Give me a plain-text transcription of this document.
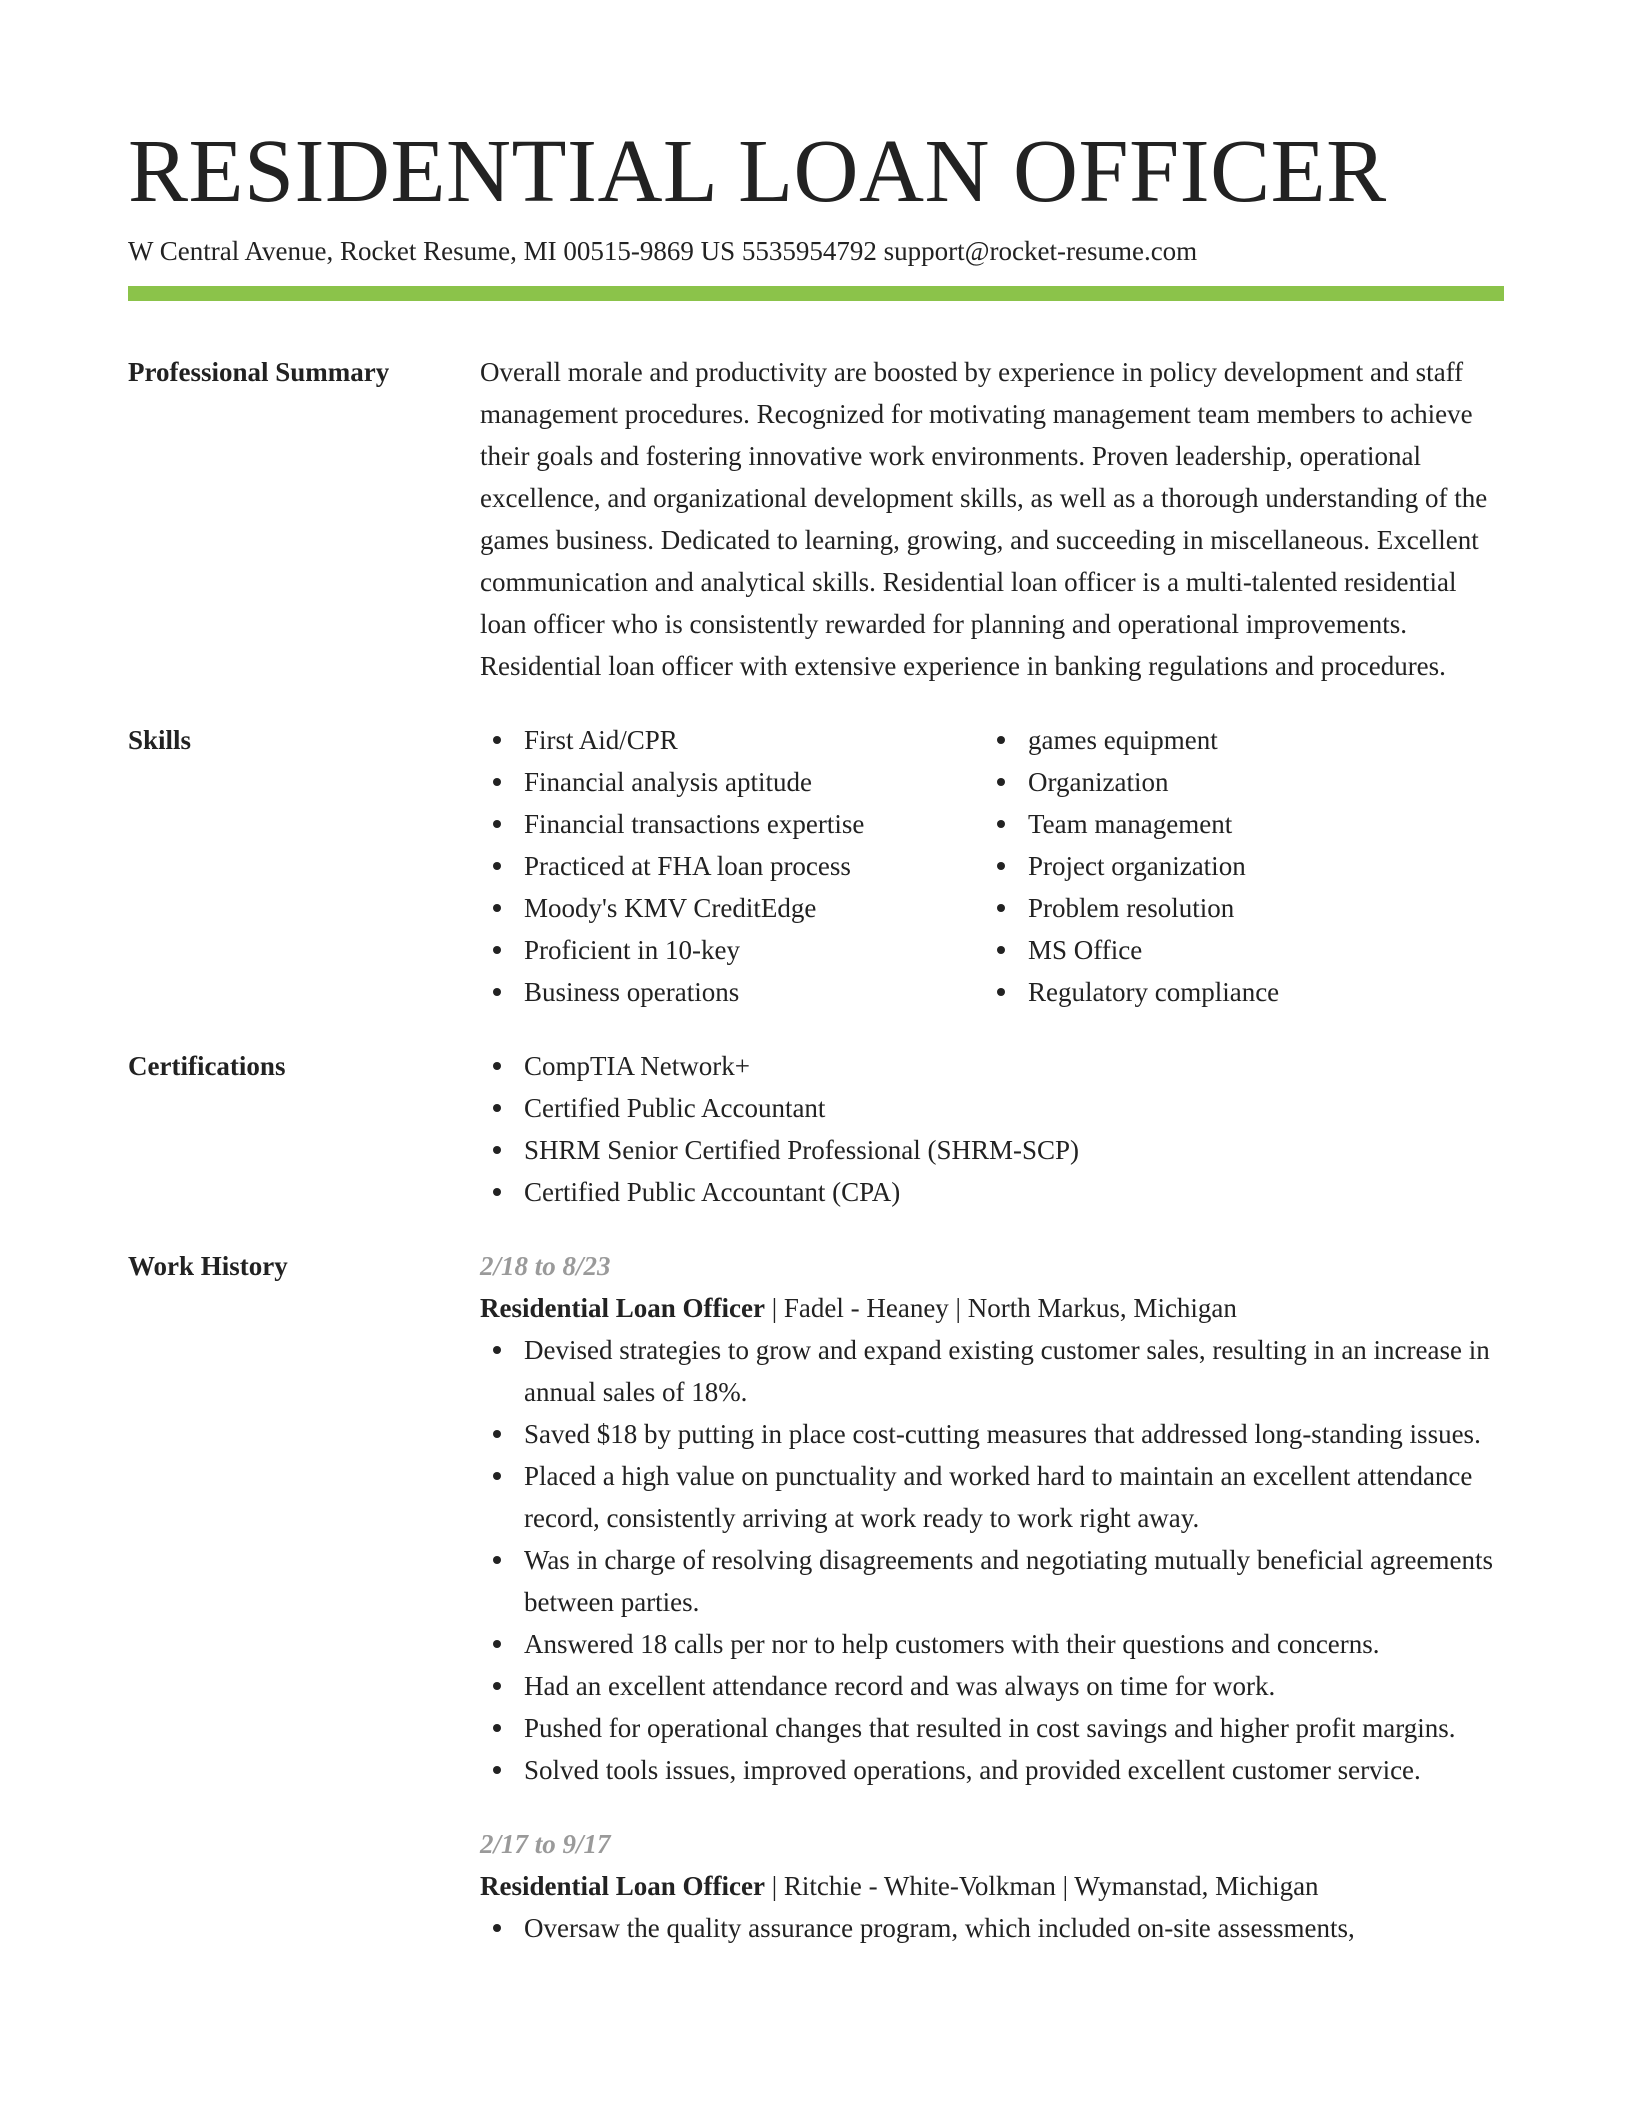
RESIDENTIAL LOAN OFFICER
W Central Avenue, Rocket Resume, MI 00515-9869 US 5535954792 support@rocket-resume.com
Professional Summary	Overall morale and productivity are boosted by experience in policy development and staff management procedures. Recognized for motivating management team members to achieve their goals and fostering innovative work environments. Proven leadership, operational excellence, and organizational development skills, as well as a thorough understanding of the games business. Dedicated to learning, growing, and succeeding in miscellaneous. Excellent communication and analytical skills. Residential loan officer is a multi-talented residential loan officer who is consistently rewarded for planning and operational improvements. Residential loan officer with extensive experience in banking regulations and procedures.

Skills	First Aid/CPR
Financial analysis aptitude
Financial transactions expertise
Practiced at FHA loan process
Moody's KMV CreditEdge
Proficient in 10-key
Business operations
games equipment
Organization
Team management
Project organization
Problem resolution
MS Office
Regulatory compliance
Certifications	CompTIA Network+
Certified Public Accountant
SHRM Senior Certified Professional (SHRM-SCP)
Certified Public Accountant (CPA)
Work History	2/18 to 8/23
Residential Loan Officer | Fadel - Heaney | North Markus, Michigan
Devised strategies to grow and expand existing customer sales, resulting in an increase in annual sales of 18%.
Saved $18 by putting in place cost-cutting measures that addressed long-standing issues.
Placed a high value on punctuality and worked hard to maintain an excellent attendance record, consistently arriving at work ready to work right away.
Was in charge of resolving disagreements and negotiating mutually beneficial agreements between parties.
Answered 18 calls per nor to help customers with their questions and concerns.
Had an excellent attendance record and was always on time for work.
Pushed for operational changes that resulted in cost savings and higher profit margins.
Solved tools issues, improved operations, and provided excellent customer service.
2/17 to 9/17
Residential Loan Officer | Ritchie - White-Volkman | Wymanstad, Michigan
Oversaw the quality assurance program, which included on-site assessments,
